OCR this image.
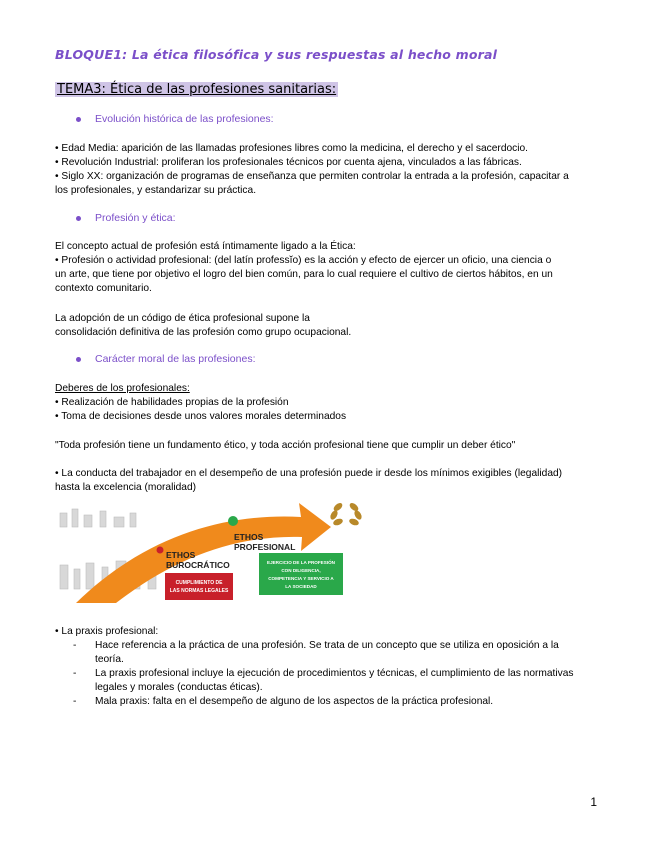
BLOQUE1: La ética filosófica y sus respuestas al hecho moral
TEMA3: Ética de las profesiones sanitarias:
Evolución histórica de las profesiones:
• Edad Media: aparición de las llamadas profesiones libres como la medicina, el derecho y el sacerdocio.
• Revolución Industrial: proliferan los profesionales técnicos por cuenta ajena, vinculados a las fábricas.
• Siglo XX: organización de programas de enseñanza que permiten controlar la entrada a la profesión, capacitar a
los profesionales, y estandarizar su práctica.
Profesión y ética:
El concepto actual de profesión está íntimamente ligado a la Ética:
• Profesión o actividad profesional: (del latín professĭo) es la acción y efecto de ejercer un oficio, una ciencia o
un arte, que tiene por objetivo el logro del bien común, para lo cual requiere el cultivo de ciertos hábitos, en un
contexto comunitario.
La adopción de un código de ética profesional supone la
consolidación definitiva de las profesión como grupo ocupacional.
Carácter moral de las profesiones:
Deberes de los profesionales:
• Realización de habilidades propias de la profesión
• Toma de decisiones desde unos valores morales determinados
"Toda profesión tiene un fundamento ético, y toda acción profesional tiene que cumplir un deber ético"
• La conducta del trabajador en el desempeño de una profesión puede ir desde los mínimos exigibles (legalidad)
hasta la excelencia (moralidad)
ETHOS
PROFESIONAL
ETHOS
BUROCRÁTICO
CUMPLIMIENTO DE
LAS NORMAS LEGALES
EJERCICIO DE LA PROFESIÓN
CON DILIGENCIA,
COMPETENCIA Y SERVICIO A
LA SOCIEDAD
• La praxis profesional:
- Hace referencia a la práctica de una profesión. Se trata de un concepto que se utiliza en oposición a la
teoría.
- La praxis profesional incluye la ejecución de procedimientos y técnicas, el cumplimiento de las normativas
legales y morales (conductas éticas).
- Mala praxis: falta en el desempeño de alguno de los aspectos de la práctica profesional.
1
